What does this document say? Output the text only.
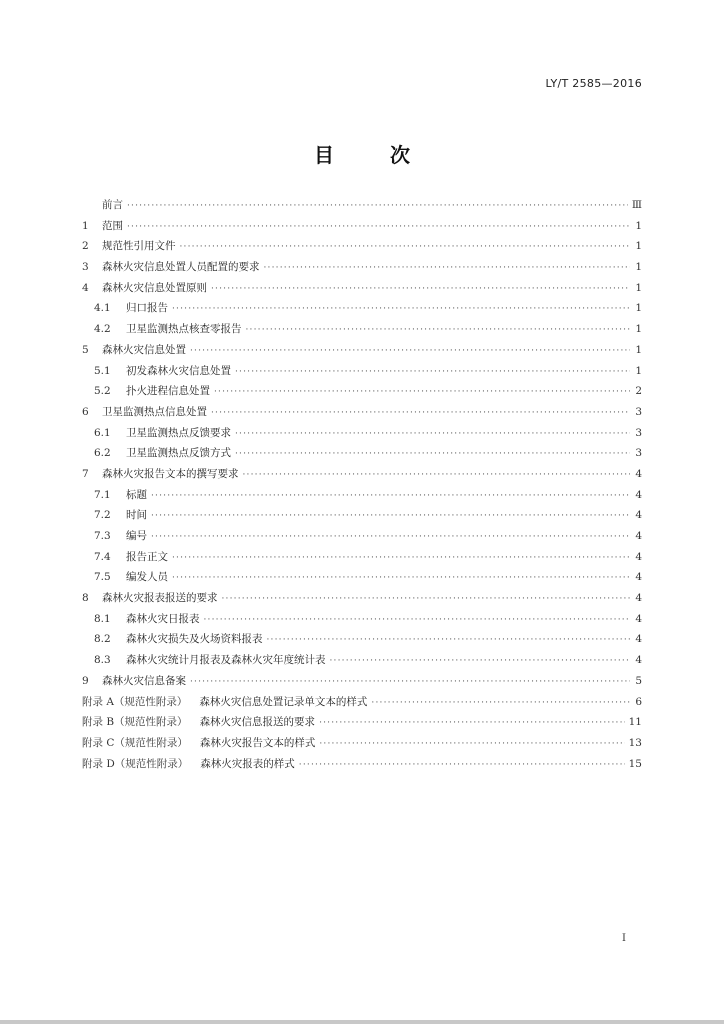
LY/T 2585—2016
目　次
前言 ·····	Ⅲ
1	范围 ·····	1
2	规范性引用文件 ·····	1
3	森林火灾信息处置人员配置的要求 ·····	1
4	森林火灾信息处置原则 ·····	1
4.1	归口报告 ·····	1
4.2	卫星监测热点核查零报告 ·····	1
5	森林火灾信息处置 ·····	1
5.1	初发森林火灾信息处置 ·····	1
5.2	扑火进程信息处置 ·····	2
6	卫星监测热点信息处置 ·····	3
6.1	卫星监测热点反馈要求 ·····	3
6.2	卫星监测热点反馈方式 ·····	3
7	森林火灾报告文本的撰写要求 ·····	4
7.1	标题 ·····	4
7.2	时间 ·····	4
7.3	编号 ·····	4
7.4	报告正文 ·····	4
7.5	编发人员 ·····	4
8	森林火灾报表报送的要求 ·····	4
8.1	森林火灾日报表 ·····	4
8.2	森林火灾损失及火场资料报表 ·····	4
8.3	森林火灾统计月报表及森林火灾年度统计表 ·····	4
9	森林火灾信息备案 ·····	5
附录 A（规范性附录） 森林火灾信息处置记录单文本的样式 ·····	6
附录 B（规范性附录） 森林火灾信息报送的要求 ·····	11
附录 C（规范性附录） 森林火灾报告文本的样式 ·····	13
附录 D（规范性附录） 森林火灾报表的样式 ·····	15
Ⅰ
